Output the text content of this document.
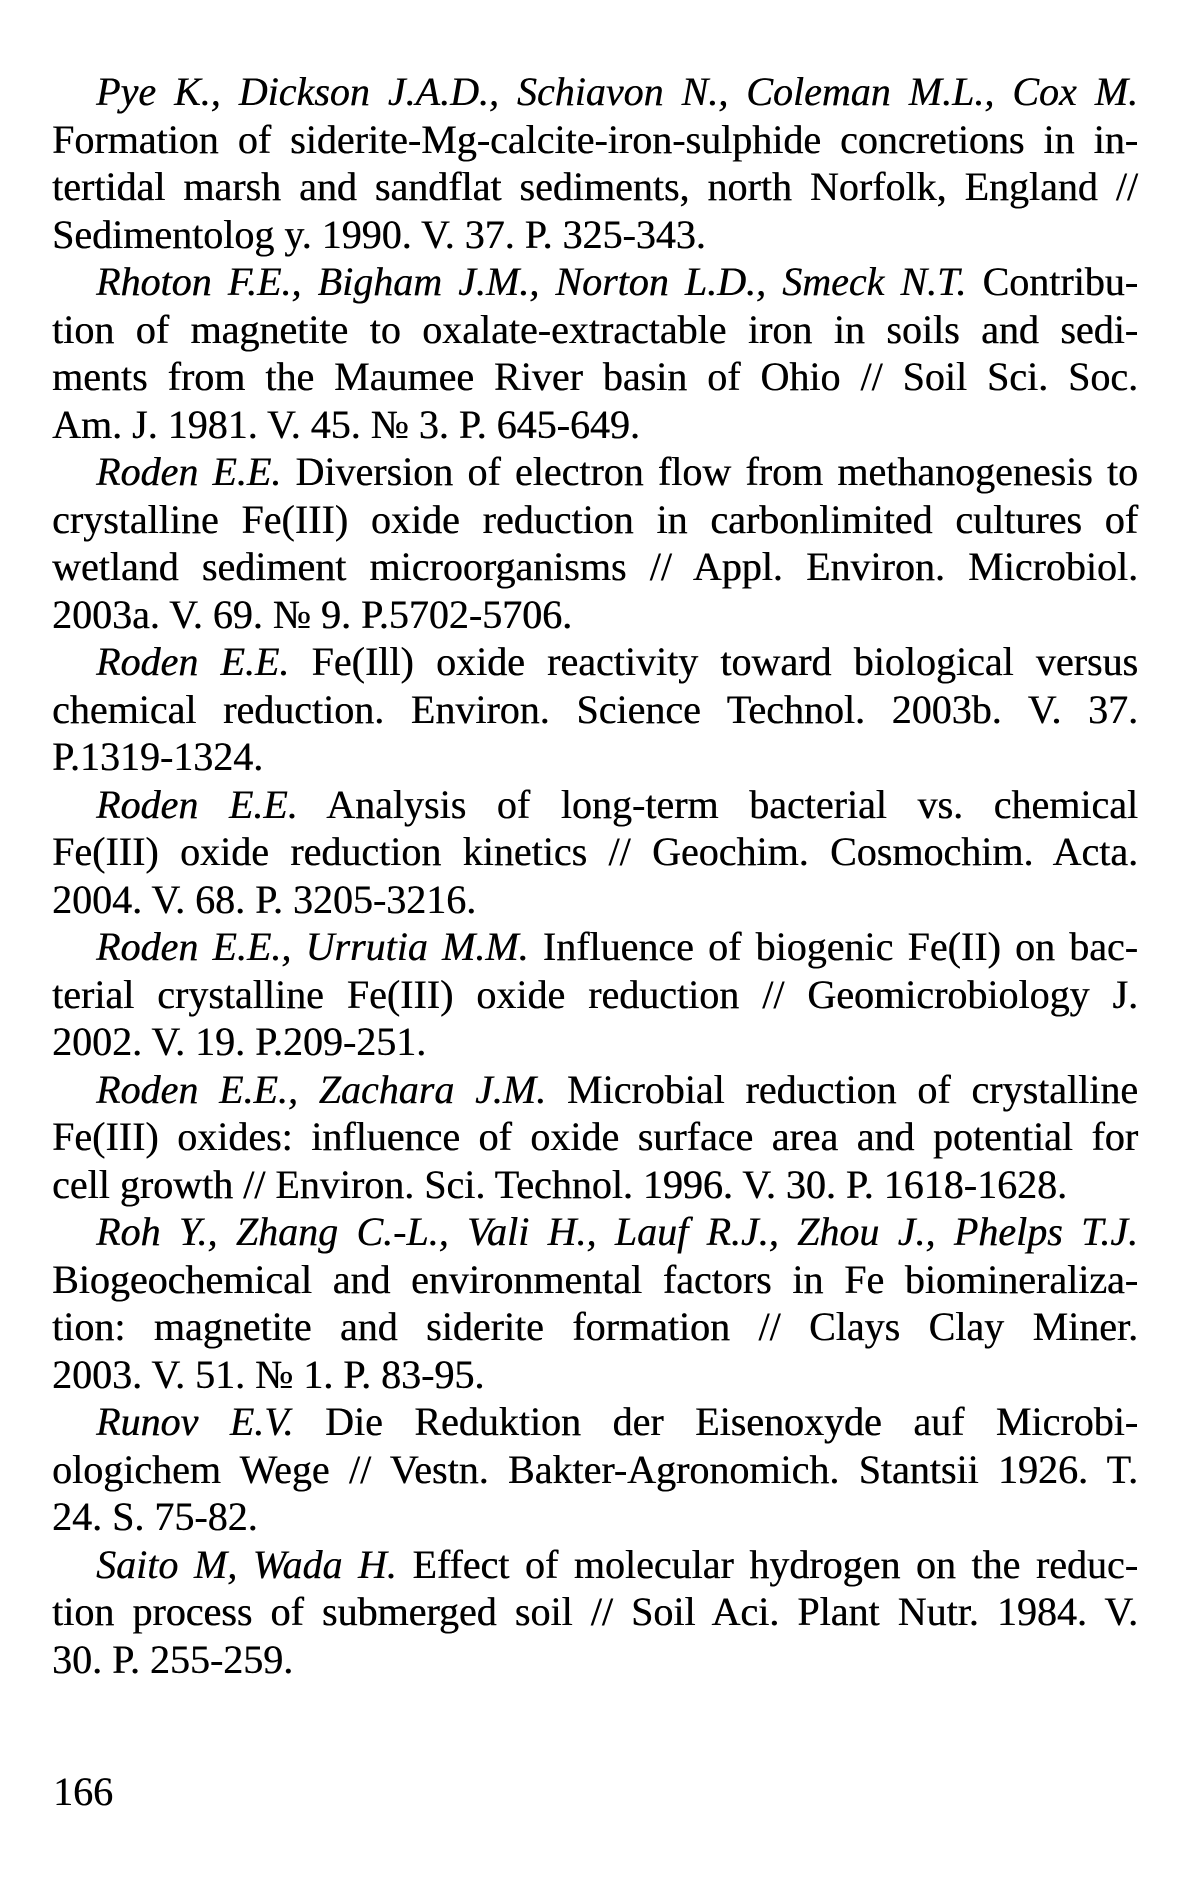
Pye K., Dickson J.A.D., Schiavon N., Coleman M.L., Cox M.
Formation of siderite-Mg-calcite-iron-sulphide concretions in in-
tertidal marsh and sandflat sediments, north Norfolk, England //
Sedimentolog y. 1990. V. 37. P. 325-343.
Rhoton F.E., Bigham J.M., Norton L.D., Smeck N.T. Contribu-
tion of magnetite to oxalate-extractable iron in soils and sedi-
ments from the Maumee River basin of Ohio // Soil Sci. Soc.
Am. J. 1981. V. 45. № 3. P. 645-649.
Roden E.E. Diversion of electron flow from methanogenesis to
crystalline Fe(III) oxide reduction in carbonlimited cultures of
wetland sediment microorganisms // Appl. Environ. Microbiol.
2003a. V. 69. № 9. P.5702-5706.
Roden E.E. Fe(Ill) oxide reactivity toward biological versus
chemical reduction. Environ. Science Technol. 2003b. V. 37.
P.1319-1324.
Roden E.E. Analysis of long-term bacterial vs. chemical
Fe(III) oxide reduction kinetics // Geochim. Cosmochim. Acta.
2004. V. 68. P. 3205-3216.
Roden E.E., Urrutia M.M. Influence of biogenic Fe(II) on bac-
terial crystalline Fe(III) oxide reduction // Geomicrobiology J.
2002. V. 19. P.209-251.
Roden E.E., Zachara J.M. Microbial reduction of crystalline
Fe(III) oxides: influence of oxide surface area and potential for
cell growth // Environ. Sci. Technol. 1996. V. 30. P. 1618-1628.
Roh Y., Zhang C.-L., Vali H., Lauf R.J., Zhou J., Phelps T.J.
Biogeochemical and environmental factors in Fe biomineraliza-
tion: magnetite and siderite formation // Clays Clay Miner.
2003. V. 51. № 1. P. 83-95.
Runov E.V. Die Reduktion der Eisenoxyde auf Microbi-
ologichem Wege // Vestn. Bakter-Agronomich. Stantsii 1926. T.
24. S. 75-82.
Saito M, Wada H. Effect of molecular hydrogen on the reduc-
tion process of submerged soil // Soil Aci. Plant Nutr. 1984. V.
30. P. 255-259.
166
